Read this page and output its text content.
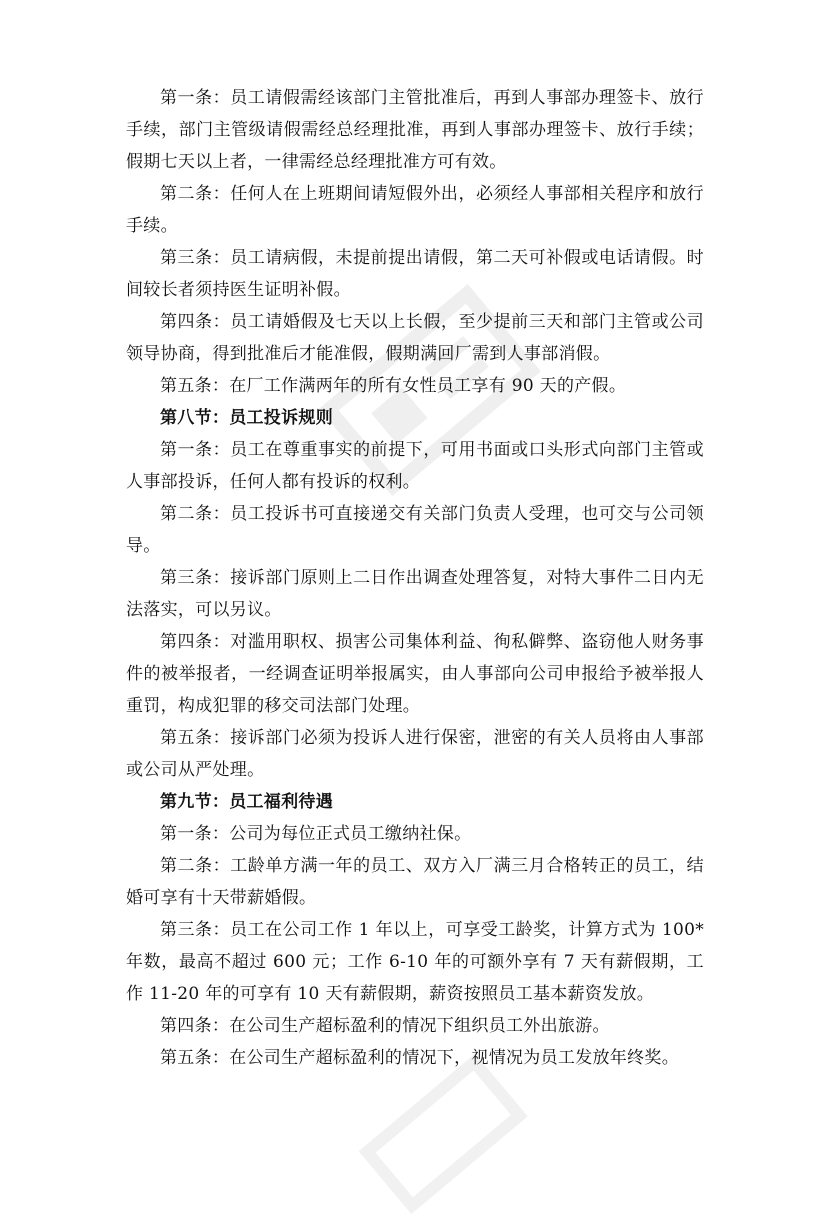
第一条：员工请假需经该部门主管批准后，再到人事部办理签卡、放行手续，部门主管级请假需经总经理批准，再到人事部办理签卡、放行手续；假期七天以上者，一律需经总经理批准方可有效。

第二条：任何人在上班期间请短假外出，必须经人事部相关程序和放行手续。

第三条：员工请病假，未提前提出请假，第二天可补假或电话请假。时间较长者须持医生证明补假。

第四条：员工请婚假及七天以上长假，至少提前三天和部门主管或公司领导协商，得到批准后才能准假，假期满回厂需到人事部消假。

第五条：在厂工作满两年的所有女性员工享有 90 天的产假。

第八节：员工投诉规则

第一条：员工在尊重事实的前提下，可用书面或口头形式向部门主管或人事部投诉，任何人都有投诉的权利。

第二条：员工投诉书可直接递交有关部门负责人受理，也可交与公司领导。

第三条：接诉部门原则上二日作出调查处理答复，对特大事件二日内无法落实，可以另议。

第四条：对滥用职权、损害公司集体利益、徇私僻弊、盗窃他人财务事件的被举报者，一经调查证明举报属实，由人事部向公司申报给予被举报人重罚，构成犯罪的移交司法部门处理。

第五条：接诉部门必须为投诉人进行保密，泄密的有关人员将由人事部或公司从严处理。

第九节：员工福利待遇

第一条：公司为每位正式员工缴纳社保。

第二条：工龄单方满一年的员工、双方入厂满三月合格转正的员工，结婚可享有十天带薪婚假。

第三条：员工在公司工作 1 年以上，可享受工龄奖，计算方式为 100*年数，最高不超过 600 元；工作 6-10 年的可额外享有 7 天有薪假期，工作 11-20 年的可享有 10 天有薪假期，薪资按照员工基本薪资发放。

第四条：在公司生产超标盈利的情况下组织员工外出旅游。

第五条：在公司生产超标盈利的情况下，视情况为员工发放年终奖。
